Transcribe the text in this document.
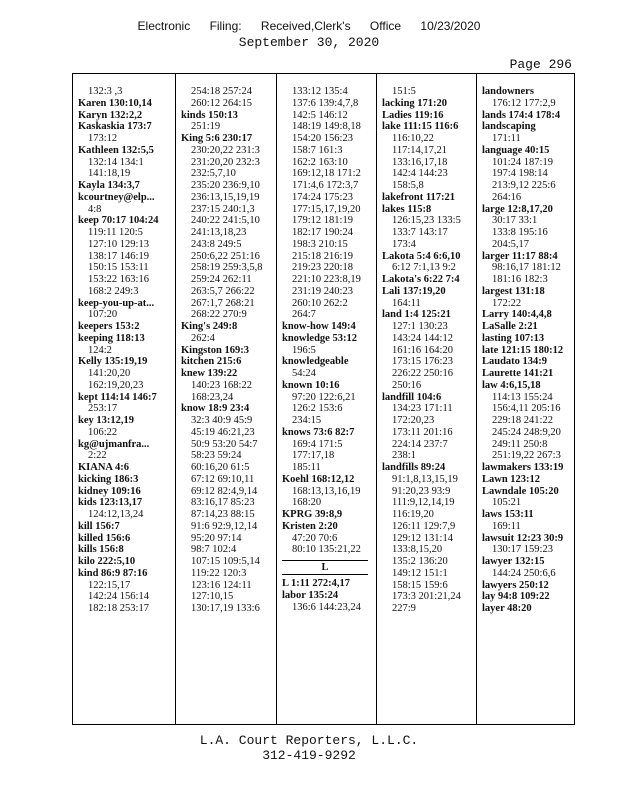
Electronic Filing: Received,Clerk's Office 10/23/2020
September 30, 2020
Page 296
132:3 ,3
Karen 130:10,14
Karyn 132:2,2
Kaskaskia 173:7
173:12
Kathleen 132:5,5
132:14 134:1
141:18,19
Kayla 134:3,7
kcourtney@elp...
4:8
keep 70:17 104:24
119:11 120:5
127:10 129:13
138:17 146:19
150:15 153:11
153:22 163:16
168:2 249:3
keep-you-up-at...
107:20
keepers 153:2
keeping 118:13
124:2
Kelly 135:19,19
141:20,20
162:19,20,23
kept 114:14 146:7
253:17
key 13:12,19
106:22
kg@ujmanfra...
2:22
KIANA 4:6
kicking 186:3
kidney 109:16
kids 123:13,17
124:12,13,24
kill 156:7
killed 156:6
kills 156:8
kilo 222:5,10
kind 86:9 87:16
122:15,17
142:24 156:14
182:18 253:17
254:18 257:24
260:12 264:15
kinds 150:13
251:19
King 5:6 230:17
230:20,22 231:3
231:20,20 232:3
232:5,7,10
235:20 236:9,10
236:13,15,19,19
237:15 240:1,3
240:22 241:5,10
241:13,18,23
243:8 249:5
250:6,22 251:16
258:19 259:3,5,8
259:24 262:11
263:5,7 266:22
267:1,7 268:21
268:22 270:9
King's 249:8
262:4
Kingston 169:3
kitchen 215:6
knew 139:22
140:23 168:22
168:23,24
know 18:9 23:4
32:3 40:9 45:9
45:19 46:21,23
50:9 53:20 54:7
58:23 59:24
60:16,20 61:5
67:12 69:10,11
69:12 82:4,9,14
83:16,17 85:23
87:14,23 88:15
91:6 92:9,12,14
95:20 97:14
98:7 102:4
107:15 109:5,14
119:22 120:3
123:16 124:11
127:10,15
130:17,19 133:6
133:12 135:4
137:6 139:4,7,8
142:5 146:12
148:19 149:8,18
154:20 156:23
158:7 161:3
162:2 163:10
169:12,18 171:2
171:4,6 172:3,7
174:24 175:23
177:15,17,19,20
179:12 181:19
182:17 190:24
198:3 210:15
215:18 216:19
219:23 220:18
221:10 223:8,19
231:19 240:23
260:10 262:2
264:7
know-how 149:4
knowledge 53:12
196:5
knowledgeable
54:24
known 10:16
97:20 122:6,21
126:2 153:6
234:15
knows 73:6 82:7
169:4 171:5
177:17,18
185:11
Koehl 168:12,12
168:13,13,16,19
168:20
KPRG 39:8,9
Kristen 2:20
47:20 70:6
80:10 135:21,22
L
L 1:11 272:4,17
labor 135:24
136:6 144:23,24
151:5
lacking 171:20
Ladies 119:16
lake 111:15 116:6
116:10,22
117:14,17,21
133:16,17,18
142:4 144:23
158:5,8
lakefront 117:21
lakes 115:8
126:15,23 133:5
133:7 143:17
173:4
Lakota 5:4 6:6,10
6:12 7:1,13 9:2
Lakota's 6:22 7:4
Lali 137:19,20
164:11
land 1:4 125:21
127:1 130:23
143:24 144:12
161:16 164:20
173:15 176:23
226:22 250:16
250:16
landfill 104:6
134:23 171:11
172:20,23
173:11 201:16
224:14 237:7
238:1
landfills 89:24
91:1,8,13,15,19
91:20,23 93:9
111:9,12,14,19
116:19,20
126:11 129:7,9
129:12 131:14
133:8,15,20
135:2 136:20
149:12 151:1
158:15 159:6
173:3 201:21,24
227:9
landowners
176:12 177:2,9
lands 174:4 178:4
landscaping
171:11
language 40:15
101:24 187:19
197:4 198:14
213:9,12 225:6
264:16
large 12:8,17,20
30:17 33:1
133:8 195:16
204:5,17
larger 11:17 88:4
98:16,17 181:12
181:16 182:3
largest 131:18
172:22
Larry 140:4,4,8
LaSalle 2:21
lasting 107:13
late 121:15 180:12
Laudato 134:9
Laurette 141:21
law 4:6,15,18
114:13 155:24
156:4,11 205:16
229:18 241:22
245:24 248:9,20
249:11 250:8
251:19,22 267:3
lawmakers 133:19
Lawn 123:12
Lawndale 105:20
105:21
laws 153:11
169:11
lawsuit 12:23 30:9
130:17 159:23
lawyer 132:15
144:24 250:6,6
lawyers 250:12
lay 94:8 109:22
layer 48:20
L.A. Court Reporters, L.L.C.
312-419-9292
